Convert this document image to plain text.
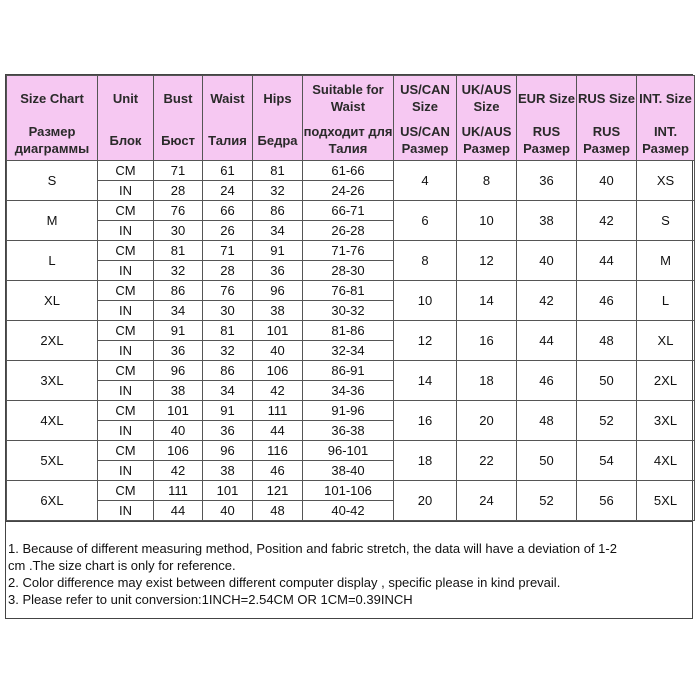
Size Chart	Unit	Bust	Waist	Hips	Suitable for Waist	US/CAN Size	UK/AUS Size	EUR Size	RUS Size	INT. Size
Размер диаграммы	Блок	Бюст	Талия	Бедра	подходит для Талия	US/CAN Размер	UK/AUS Размер	RUS Размер	RUS Размер	INT. Размер
S	CM	71	61	81	61-66	4	8	36	40	XS
	IN	28	24	32	24-26					
M	CM	76	66	86	66-71	6	10	38	42	S
	IN	30	26	34	26-28					
L	CM	81	71	91	71-76	8	12	40	44	M
	IN	32	28	36	28-30					
XL	CM	86	76	96	76-81	10	14	42	46	L
	IN	34	30	38	30-32					
2XL	CM	91	81	101	81-86	12	16	44	48	XL
	IN	36	32	40	32-34					
3XL	CM	96	86	106	86-91	14	18	46	50	2XL
	IN	38	34	42	34-36					
4XL	CM	101	91	111	91-96	16	20	48	52	3XL
	IN	40	36	44	36-38					
5XL	CM	106	96	116	96-101	18	22	50	54	4XL
	IN	42	38	46	38-40					
6XL	CM	111	101	121	101-106	20	24	52	56	5XL
	IN	44	40	48	40-42					
1. Because of different measuring method, Position and fabric stretch, the data will have a deviation of 1-2
cm .The size chart is only for reference.
2. Color difference may exist between different computer display , specific please in kind prevail.
3. Please refer to unit conversion:1INCH=2.54CM OR 1CM=0.39INCH
